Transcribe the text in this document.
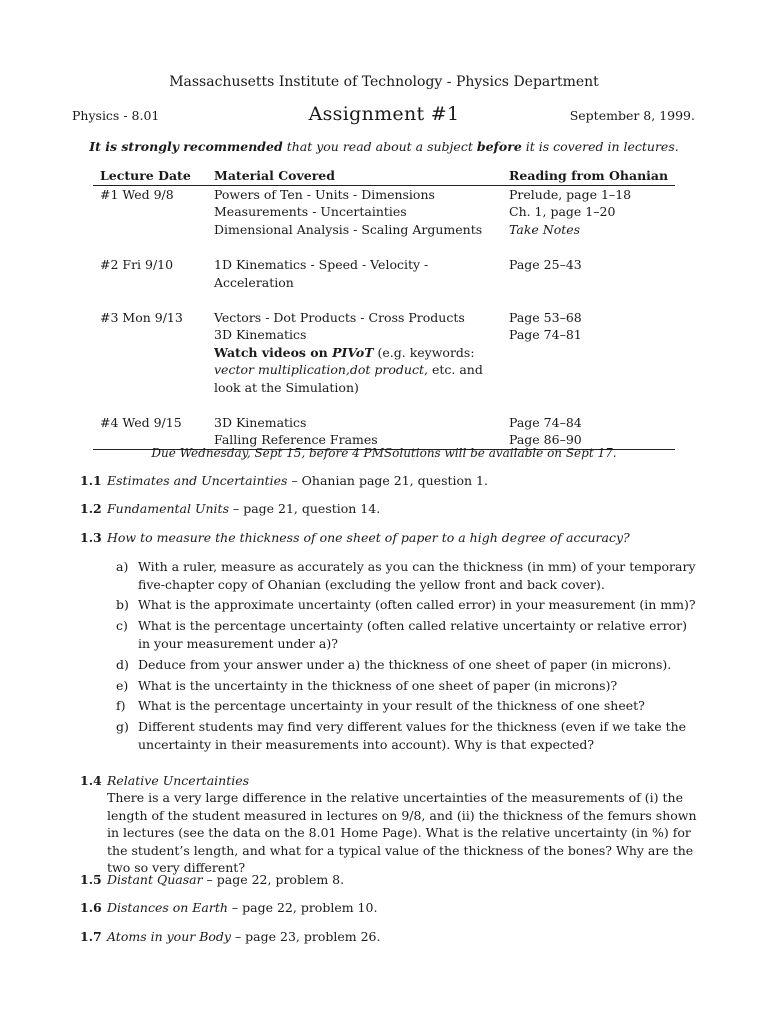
Massachusetts Institute of Technology - Physics Department
Physics - 8.01	Assignment #1	September 8, 1999.
It is strongly recommended that you read about a subject before it is covered in lectures.
Lecture Date	Material Covered	Reading from Ohanian
#1 Wed 9/8	Powers of Ten - Units - Dimensions	Prelude, page 1–18
	Measurements - Uncertainties	Ch. 1, page 1–20
	Dimensional Analysis - Scaling Arguments	Take Notes

#2 Fri 9/10	1D Kinematics - Speed - Velocity - Acceleration	Page 25–43

#3 Mon 9/13	Vectors - Dot Products - Cross Products	Page 53–68
	3D Kinematics	Page 74–81
	Watch videos on PIVoT (e.g. keywords:	
	vector multiplication,dot product, etc. and	
	look at the Simulation)	

#4 Wed 9/15	3D Kinematics	Page 74–84
	Falling Reference Frames	Page 86–90
Due Wednesday, Sept 15, before 4 PMSolutions will be available on Sept 17.
1.1 Estimates and Uncertainties – Ohanian page 21, question 1.
1.2 Fundamental Units – page 21, question 14.
1.3 How to measure the thickness of one sheet of paper to a high degree of accuracy?
a) With a ruler, measure as accurately as you can the thickness (in mm) of your temporary five-chapter copy of Ohanian (excluding the yellow front and back cover).
b) What is the approximate uncertainty (often called error) in your measurement (in mm)?
c) What is the percentage uncertainty (often called relative uncertainty or relative error) in your measurement under a)?
d) Deduce from your answer under a) the thickness of one sheet of paper (in microns).
e) What is the uncertainty in the thickness of one sheet of paper (in microns)?
f) What is the percentage uncertainty in your result of the thickness of one sheet?
g) Different students may find very different values for the thickness (even if we take the uncertainty in their measurements into account). Why is that expected?
1.4 Relative Uncertainties
There is a very large difference in the relative uncertainties of the measurements of (i) the length of the student measured in lectures on 9/8, and (ii) the thickness of the femurs shown in lectures (see the data on the 8.01 Home Page). What is the relative uncertainty (in %) for the student’s length, and what for a typical value of the thickness of the bones? Why are the two so very different?
1.5 Distant Quasar – page 22, problem 8.
1.6 Distances on Earth – page 22, problem 10.
1.7 Atoms in your Body – page 23, problem 26.
